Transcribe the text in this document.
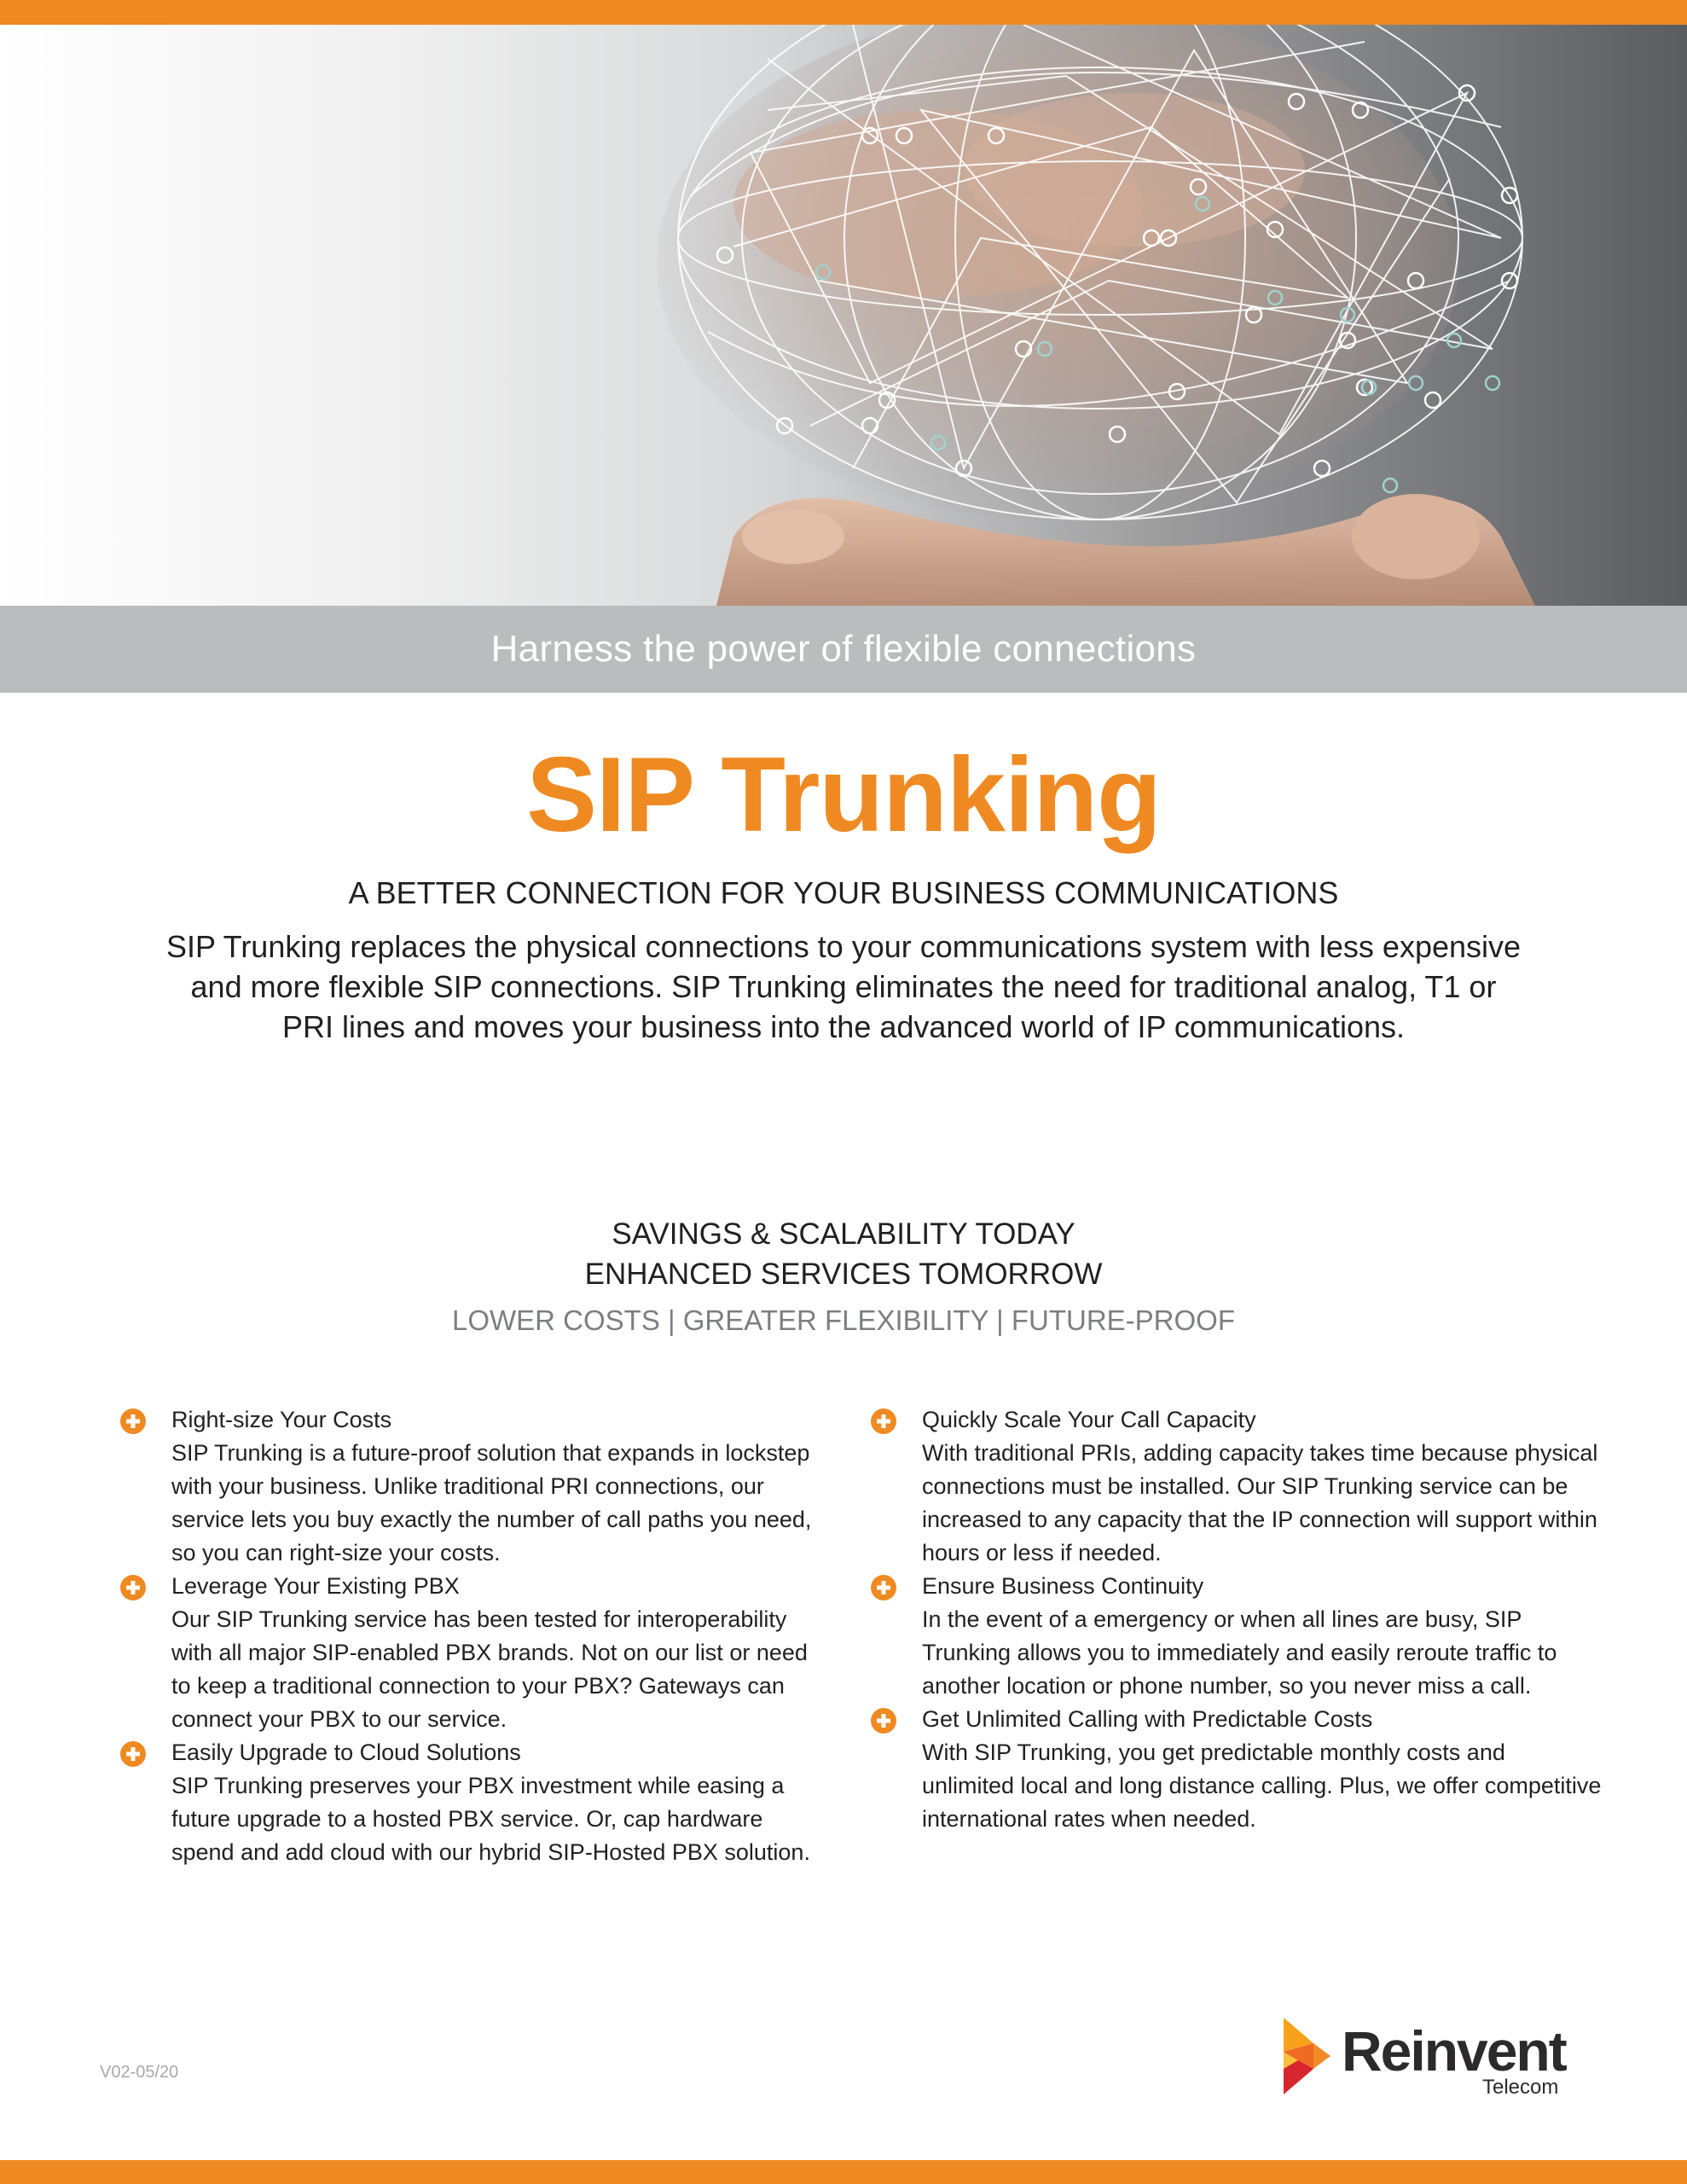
Harness the power of flexible connections
SIP Trunking
A BETTER CONNECTION FOR YOUR BUSINESS COMMUNICATIONS
SIP Trunking replaces the physical connections to your communications system with less expensive and more flexible SIP connections. SIP Trunking eliminates the need for traditional analog, T1 or PRI lines and moves your business into the advanced world of IP communications.
SAVINGS & SCALABILITY TODAY
ENHANCED SERVICES TOMORROW
LOWER COSTS | GREATER FLEXIBILITY | FUTURE-PROOF
Right-size Your Costs
SIP Trunking is a future-proof solution that expands in lockstep with your business. Unlike traditional PRI connections, our service lets you buy exactly the number of call paths you need, so you can right-size your costs.
Leverage Your Existing PBX
Our SIP Trunking service has been tested for interoperability with all major SIP-enabled PBX brands. Not on our list or need to keep a traditional connection to your PBX? Gateways can connect your PBX to our service.
Easily Upgrade to Cloud Solutions
SIP Trunking preserves your PBX investment while easing a future upgrade to a hosted PBX service. Or, cap hardware spend and add cloud with our hybrid SIP-Hosted PBX solution.
Quickly Scale Your Call Capacity
With traditional PRIs, adding capacity takes time because physical connections must be installed. Our SIP Trunking service can be increased to any capacity that the IP connection will support within hours or less if needed.
Ensure Business Continuity
In the event of a emergency or when all lines are busy, SIP Trunking allows you to immediately and easily reroute traffic to another location or phone number, so you never miss a call.
Get Unlimited Calling with Predictable Costs
With SIP Trunking, you get predictable monthly costs and unlimited local and long distance calling. Plus, we offer competitive international rates when needed.
V02-05/20	Reinvent
Telecom
